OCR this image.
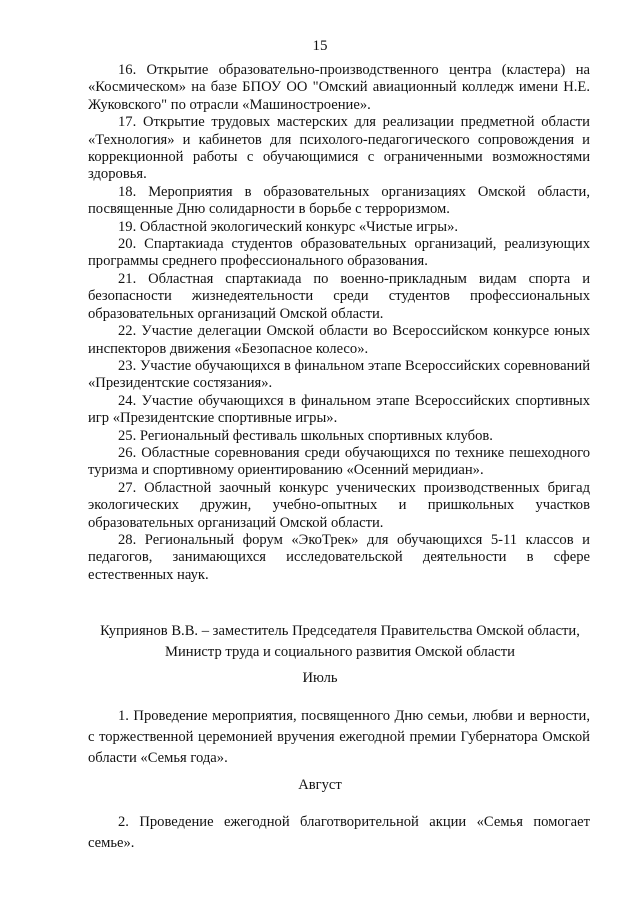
15

16. Открытие образовательно-производственного центра (кластера) на «Космическом» на базе БПОУ ОО "Омский авиационный колледж имени Н.Е. Жуковского" по отрасли «Машиностроение».

17. Открытие трудовых мастерских для реализации предметной области «Технология» и кабинетов для психолого-педагогического сопровождения и коррекционной работы с обучающимися с ограниченными возможностями здоровья.

18. Мероприятия в образовательных организациях Омской области, посвященные Дню солидарности в борьбе с терроризмом.

19. Областной экологический конкурс «Чистые игры».

20. Спартакиада студентов образовательных организаций, реализующих программы среднего профессионального образования.

21. Областная спартакиада по военно-прикладным видам спорта и безопасности жизнедеятельности среди студентов профессиональных образовательных организаций Омской области.

22. Участие делегации Омской области во Всероссийском конкурсе юных инспекторов движения «Безопасное колесо».

23. Участие обучающихся в финальном этапе Всероссийских соревнований «Президентские состязания».

24. Участие обучающихся в финальном этапе Всероссийских спортивных игр «Президентские спортивные игры».

25. Региональный фестиваль школьных спортивных клубов.

26. Областные соревнования среди обучающихся по технике пешеходного туризма и спортивному ориентированию «Осенний меридиан».

27. Областной заочный конкурс ученических производственных бригад экологических дружин, учебно-опытных и пришкольных участков образовательных организаций Омской области.

28. Региональный форум «ЭкоТрек» для обучающихся 5-11 классов и педагогов, занимающихся исследовательской деятельности в сфере естественных наук.

Куприянов В.В. – заместитель Председателя Правительства Омской области,
Министр труда и социального развития Омской области
Июль

1. Проведение мероприятия, посвященного Дню семьи, любви и верности, с торжественной церемонией вручения ежегодной премии Губернатора Омской области «Семья года».

Август

2. Проведение ежегодной благотворительной акции «Семья помогает семье».
